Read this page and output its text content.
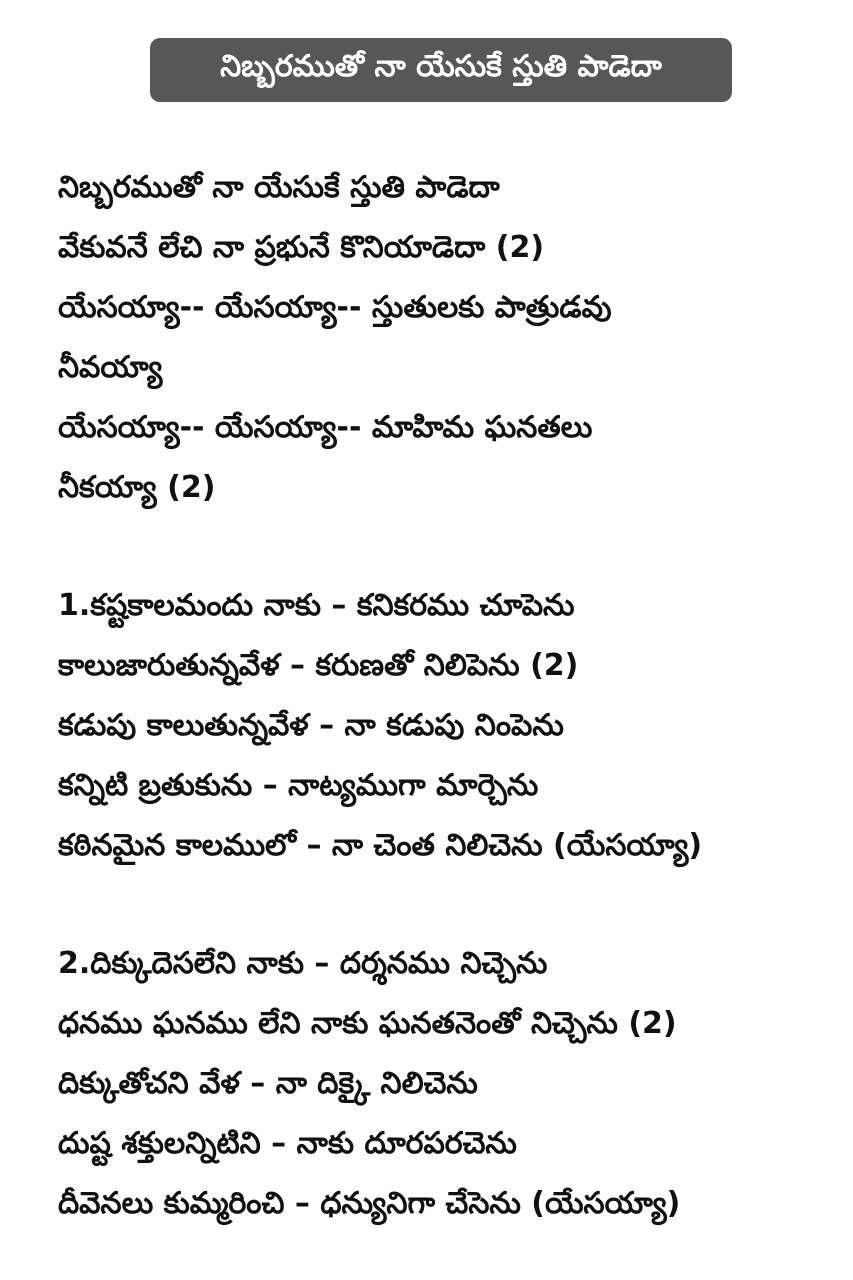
నిబ్బరముతో నా యేసుకే స్తుతి పాడెదా
నిబ్బరముతో నా యేసుకే స్తుతి పాడెదా
వేకువనే లేచి నా ప్రభునే కొనియాడెదా (2)
యేసయ్యా-- యేసయ్యా-- స్తుతులకు పాత్రుడవు
నీవయ్యా
యేసయ్యా-- యేసయ్యా-- మాహిమ ఘనతలు
నీకయ్యా (2)
1.కష్టకాలమందు నాకు – కనికరము చూపెను
కాలుజారుతున్నవేళ – కరుణతో నిలిపెను (2)
కడుపు కాలుతున్నవేళ – నా కడుపు నింపెను
కన్నిటి బ్రతుకును – నాట్యముగా మార్చెను
కఠినమైన కాలములో – నా చెంత నిలిచెను (యేసయ్యా)
2.దిక్కుదెసలేని నాకు – దర్శనము నిచ్చెను
ధనము ఘనము లేని నాకు ఘనతనెంతో నిచ్చెను (2)
దిక్కుతోచని వేళ – నా దిక్కై నిలిచెను
దుష్ట శక్తులన్నిటిని – నాకు దూరపరచెను
దీవెనలు కుమ్మరించి – ధన్యునిగా చేసెను (యేసయ్యా)
